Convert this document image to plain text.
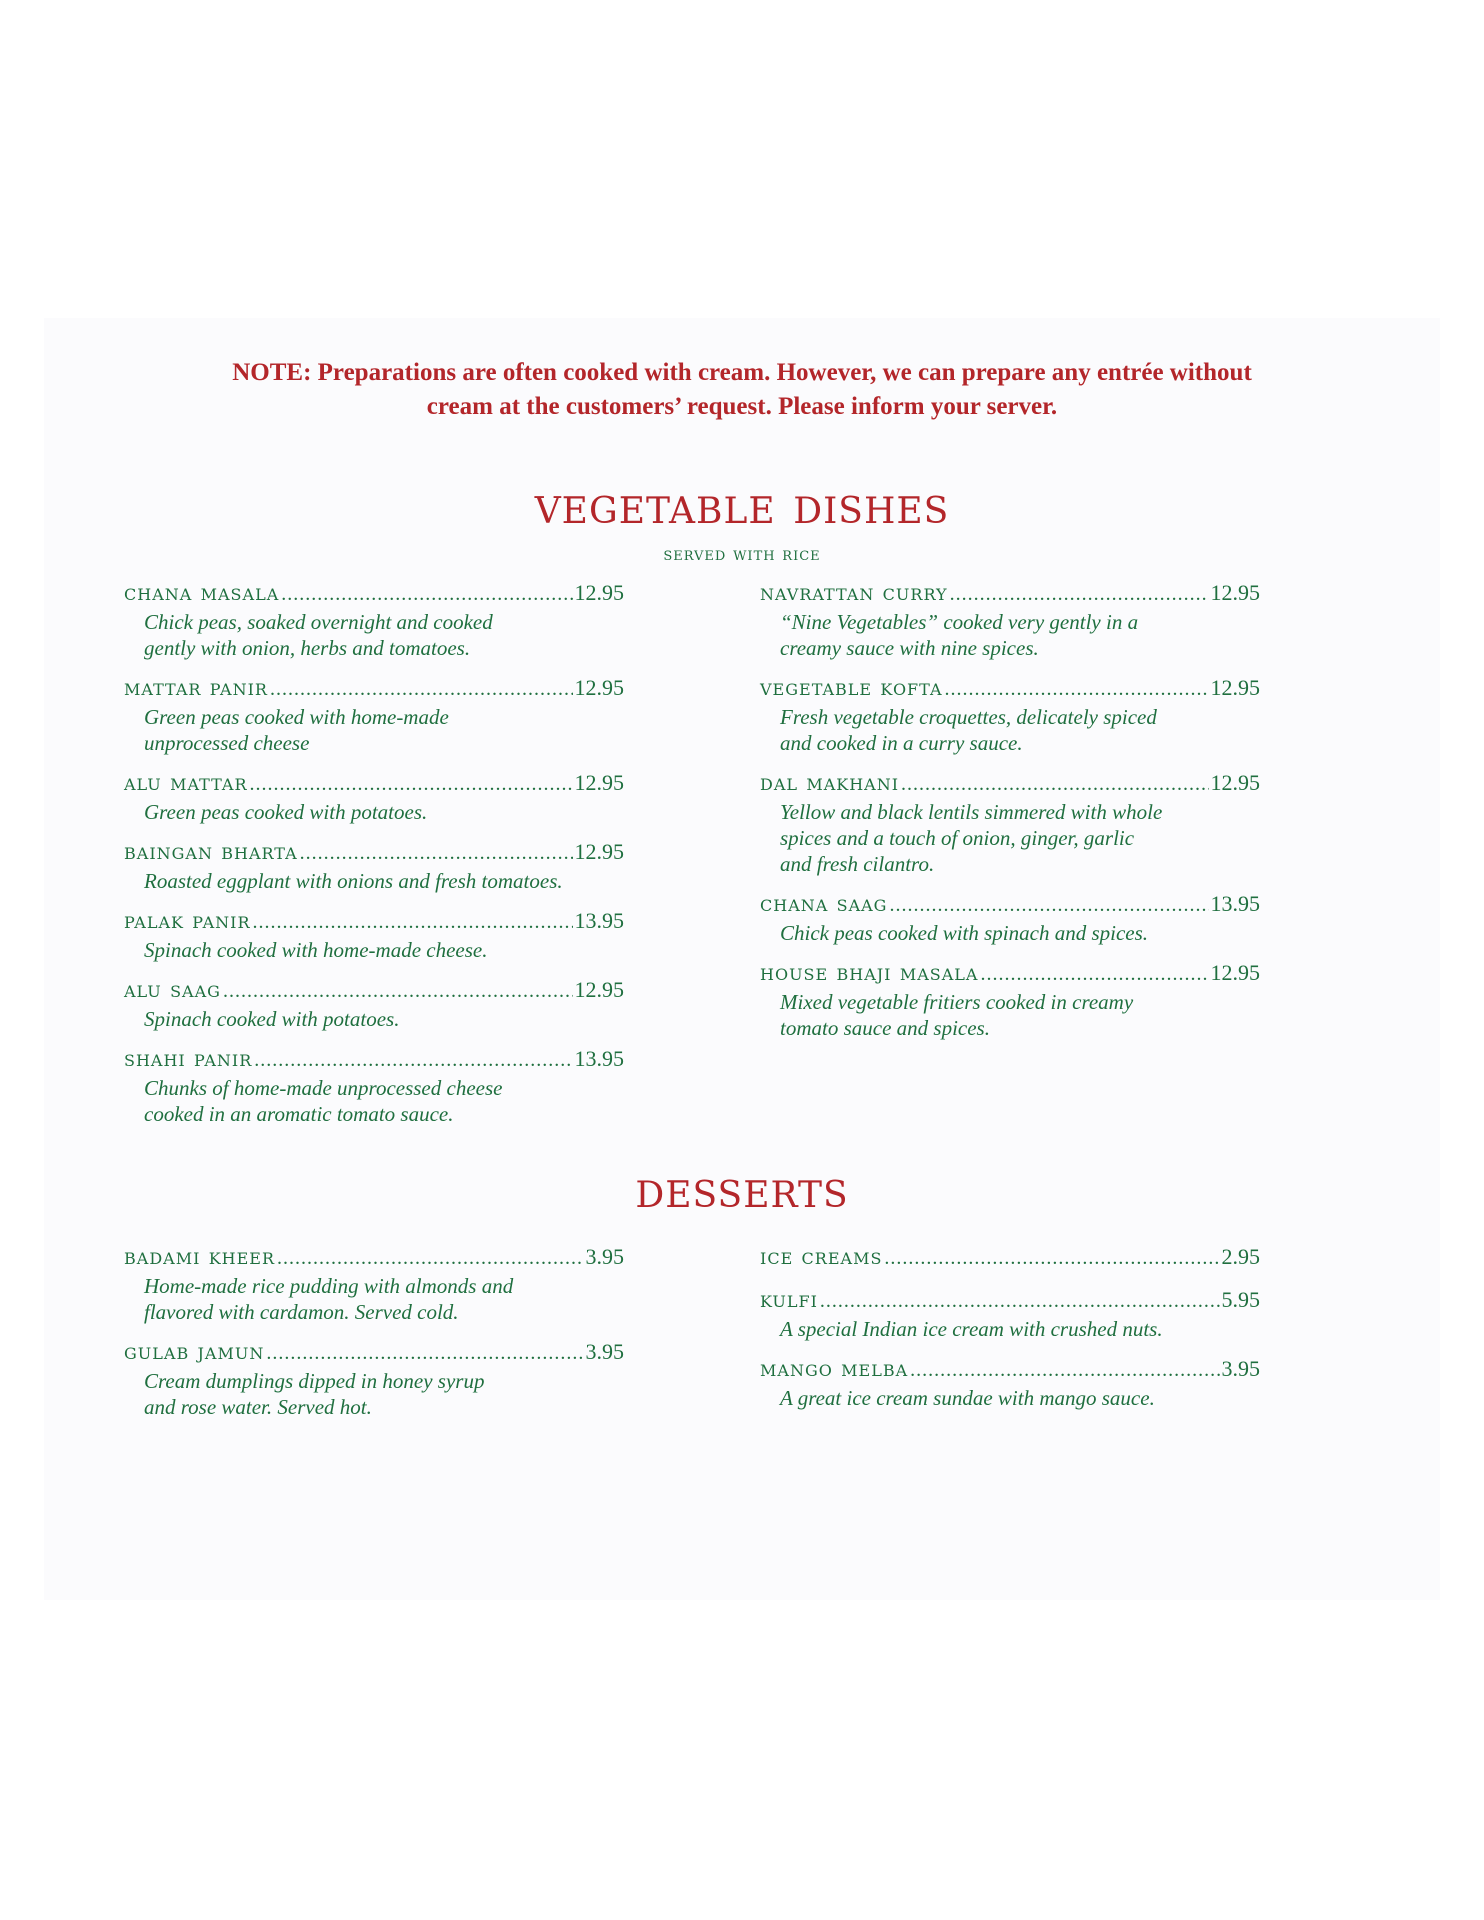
NOTE: Preparations are often cooked with cream. However, we can prepare any entrée without
cream at the customers’ request. Please inform your server.
vegetable dishes
served with rice
chana masala .....	12.95
Chick peas, soaked overnight and cooked
gently with onion, herbs and tomatoes.
mattar panir .....	12.95
Green peas cooked with home-made
unprocessed cheese
alu mattar .....	12.95
Green peas cooked with potatoes.
baingan bharta .....	12.95
Roasted eggplant with onions and fresh tomatoes.
palak panir .....	13.95
Spinach cooked with home-made cheese.
alu saag .....	12.95
Spinach cooked with potatoes.
shahi panir .....	13.95
Chunks of home-made unprocessed cheese
cooked in an aromatic tomato sauce.
navrattan curry .....	12.95
“Nine Vegetables” cooked very gently in a
creamy sauce with nine spices.
vegetable kofta .....	12.95
Fresh vegetable croquettes, delicately spiced
and cooked in a curry sauce.
dal makhani .....	12.95
Yellow and black lentils simmered with whole
spices and a touch of onion, ginger, garlic
and fresh cilantro.
chana saag .....	13.95
Chick peas cooked with spinach and spices.
house bhaji masala .....	12.95
Mixed vegetable fritiers cooked in creamy
tomato sauce and spices.
desserts
badami kheer .....	3.95
Home-made rice pudding with almonds and
flavored with cardamon. Served cold.
gulab jamun .....	3.95
Cream dumplings dipped in honey syrup
and rose water. Served hot.
ice creams .....	2.95
kulfi .....	5.95
A special Indian ice cream with crushed nuts.
mango melba .....	3.95
A great ice cream sundae with mango sauce.
